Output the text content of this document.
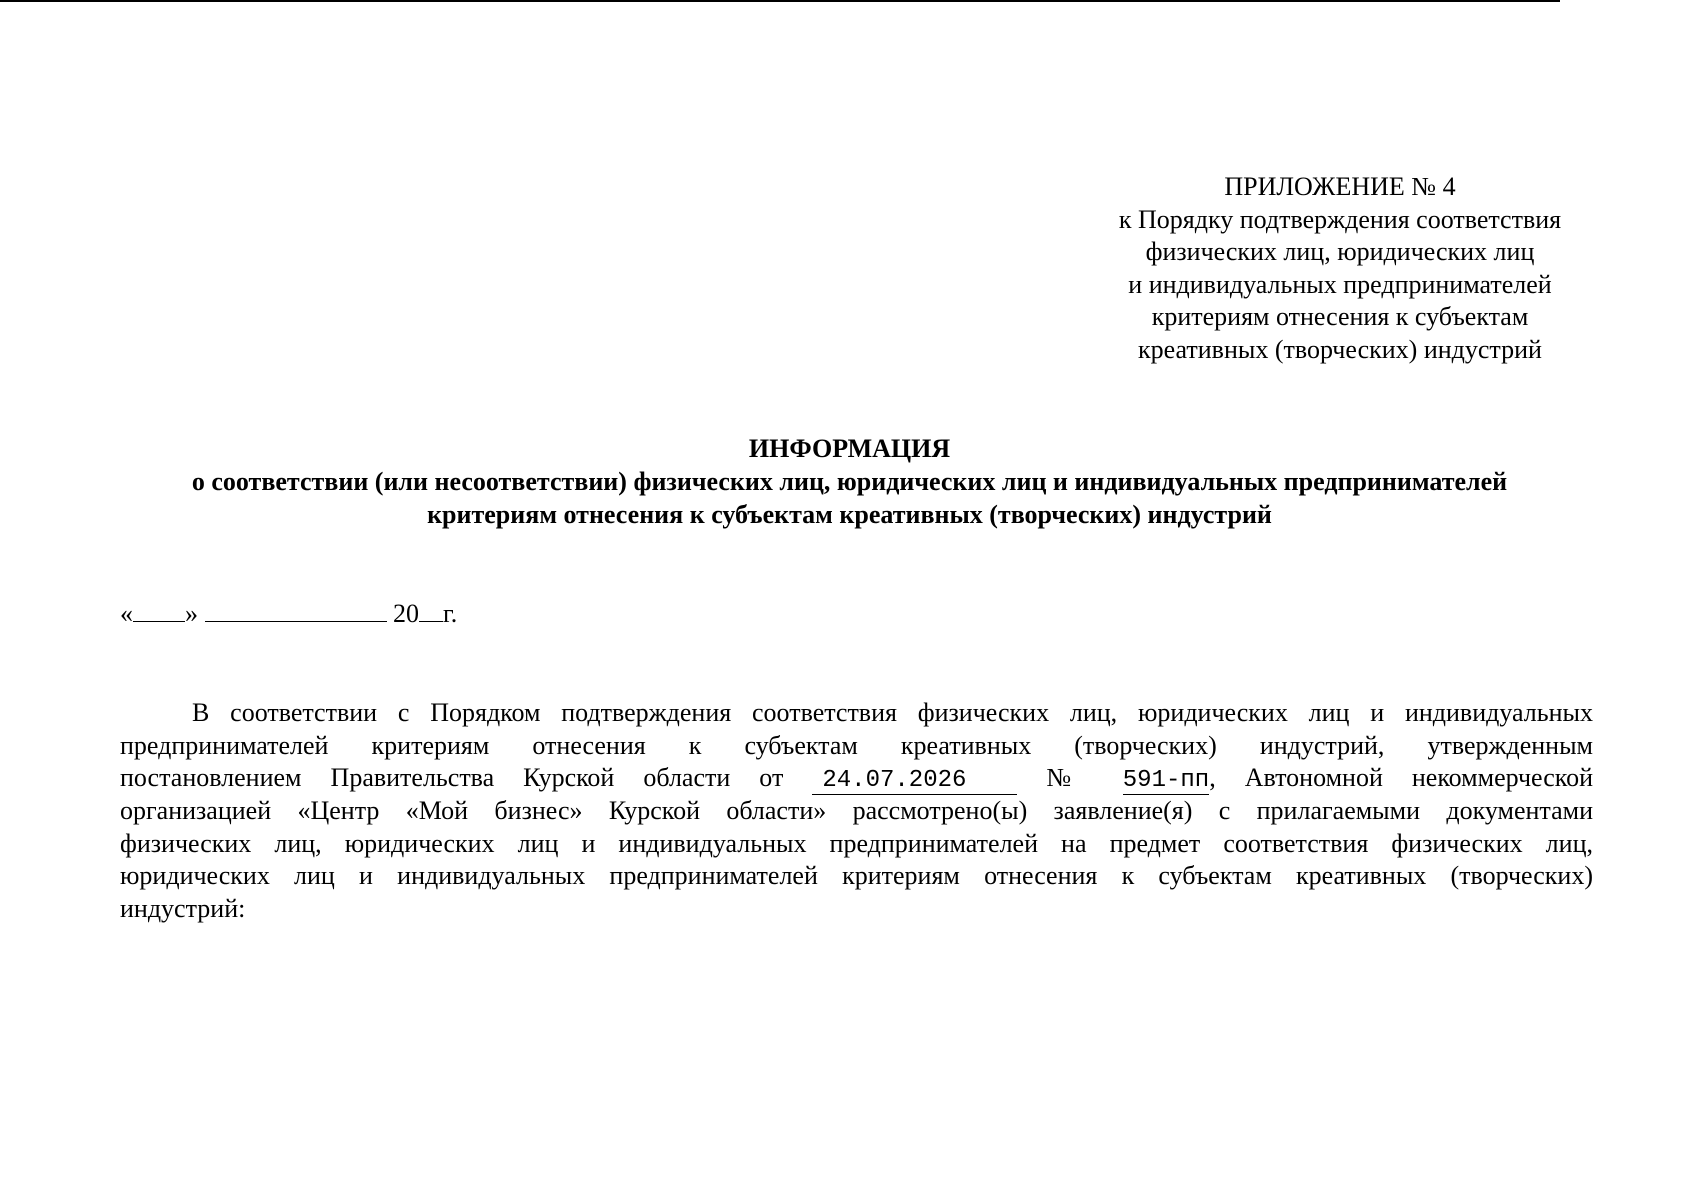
ПРИЛОЖЕНИЕ № 4
к Порядку подтверждения соответствия
физических лиц, юридических лиц
и индивидуальных предпринимателей
критериям отнесения к субъектам
креативных (творческих) индустрий
ИНФОРМАЦИЯ
о соответствии (или несоответствии) физических лиц, юридических лиц и индивидуальных предпринимателей
критериям отнесения к субъектам креативных (творческих) индустрий
« »	20 г.
В соответствии с Порядком подтверждения соответствия физических лиц, юридических лиц и индивидуальных
предпринимателей критериям отнесения к субъектам креативных (творческих) индустрий, утвержденным
постановлением Правительства Курской области от 24.07.2026	№ 591-пп, Автономной некоммерческой
организацией «Центр «Мой бизнес» Курской области» рассмотрено(ы) заявление(я) с прилагаемыми документами
физических лиц, юридических лиц и индивидуальных предпринимателей на предмет соответствия физических лиц,
юридических лиц и индивидуальных предпринимателей критериям отнесения к субъектам креативных (творческих)
индустрий:
